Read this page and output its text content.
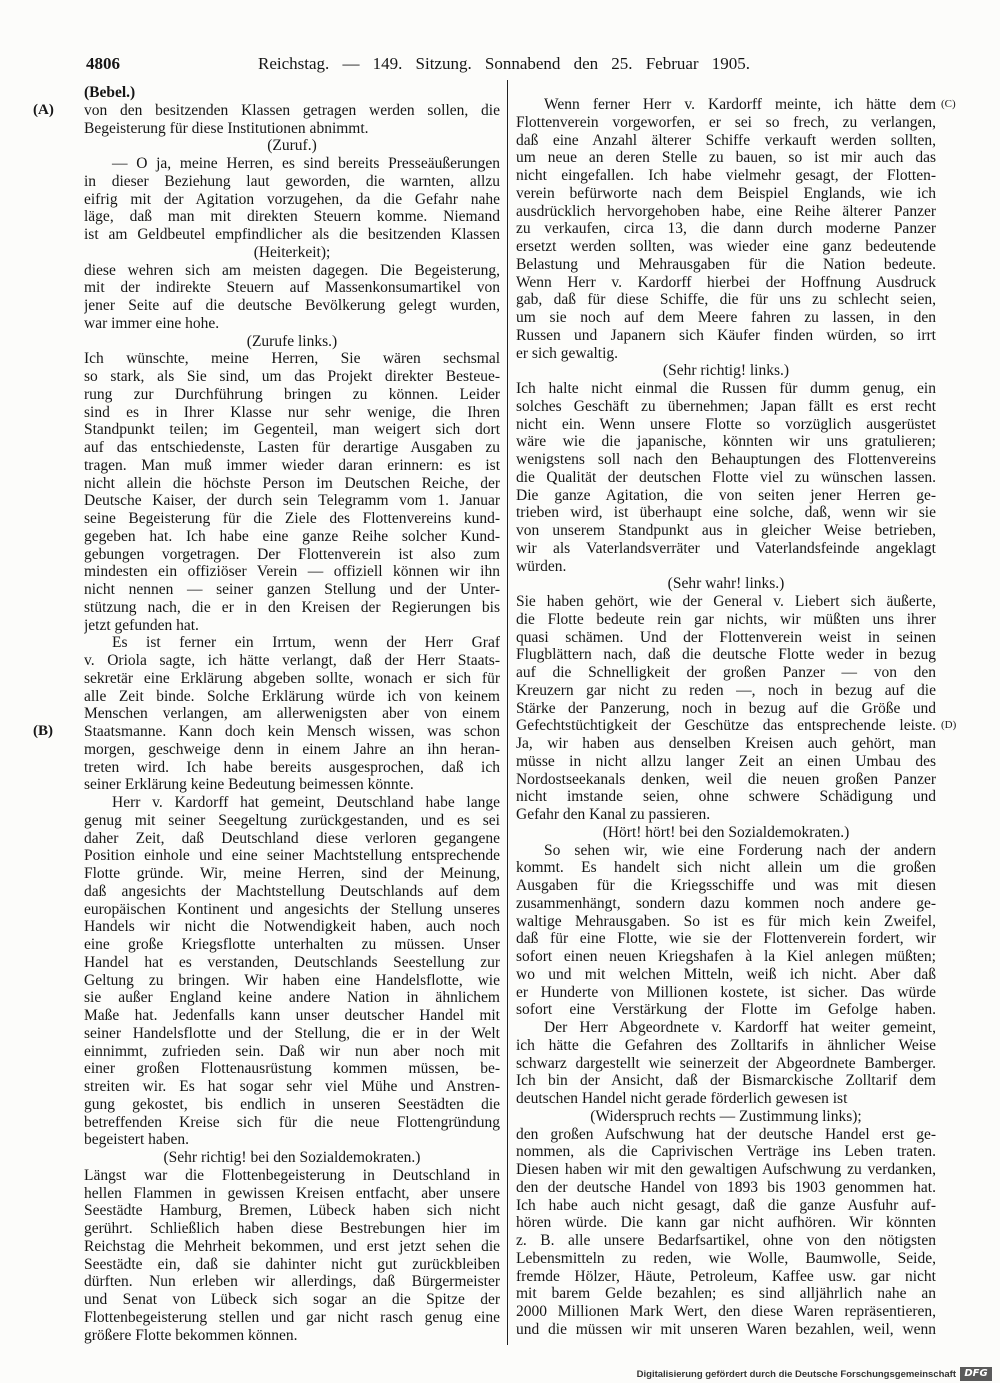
4806	Reichstag. — 149. Sitzung. Sonnabend den 25. Februar 1905.
(A)
(B)
(C)
(D)
(Bebel.)
von den besitzenden Klassen getragen werden sollen, die
Begeisterung für diese Institutionen abnimmt.
(Zuruf.)
— O ja, meine Herren, es sind bereits Presseäußerungen
in dieser Beziehung laut geworden, die warnten, allzu
eifrig mit der Agitation vorzugehen, da die Gefahr nahe
läge, daß man mit direkten Steuern komme. Niemand
ist am Geldbeutel empfindlicher als die besitzenden Klassen
(Heiterkeit);
diese wehren sich am meisten dagegen. Die Begeisterung,
mit der indirekte Steuern auf Massenkonsumartikel von
jener Seite auf die deutsche Bevölkerung gelegt wurden,
war immer eine hohe.
(Zurufe links.)
Ich wünschte, meine Herren, Sie wären sechsmal
so stark, als Sie sind, um das Projekt direkter Besteue-
rung zur Durchführung bringen zu können. Leider
sind es in Ihrer Klasse nur sehr wenige, die Ihren
Standpunkt teilen; im Gegenteil, man weigert sich dort
auf das entschiedenste, Lasten für derartige Ausgaben zu
tragen. Man muß immer wieder daran erinnern: es ist
nicht allein die höchste Person im Deutschen Reiche, der
Deutsche Kaiser, der durch sein Telegramm vom 1. Januar
seine Begeisterung für die Ziele des Flottenvereins kund-
gegeben hat. Ich habe eine ganze Reihe solcher Kund-
gebungen vorgetragen. Der Flottenverein ist also zum
mindesten ein offiziöser Verein — offiziell können wir ihn
nicht nennen — seiner ganzen Stellung und der Unter-
stützung nach, die er in den Kreisen der Regierungen bis
jetzt gefunden hat.
Es ist ferner ein Irrtum, wenn der Herr Graf
v. Oriola sagte, ich hätte verlangt, daß der Herr Staats-
sekretär eine Erklärung abgeben sollte, wonach er sich für
alle Zeit binde. Solche Erklärung würde ich von keinem
Menschen verlangen, am allerwenigsten aber von einem
Staatsmanne. Kann doch kein Mensch wissen, was schon
morgen, geschweige denn in einem Jahre an ihn heran-
treten wird. Ich habe bereits ausgesprochen, daß ich
seiner Erklärung keine Bedeutung beimessen könnte.
Herr v. Kardorff hat gemeint, Deutschland habe lange
genug mit seiner Seegeltung zurückgestanden, und es sei
daher Zeit, daß Deutschland diese verloren gegangene
Position einhole und eine seiner Machtstellung entsprechende
Flotte gründe. Wir, meine Herren, sind der Meinung,
daß angesichts der Machtstellung Deutschlands auf dem
europäischen Kontinent und angesichts der Stellung unseres
Handels wir nicht die Notwendigkeit haben, auch noch
eine große Kriegsflotte unterhalten zu müssen. Unser
Handel hat es verstanden, Deutschlands Seestellung zur
Geltung zu bringen. Wir haben eine Handelsflotte, wie
sie außer England keine andere Nation in ähnlichem
Maße hat. Jedenfalls kann unser deutscher Handel mit
seiner Handelsflotte und der Stellung, die er in der Welt
einnimmt, zufrieden sein. Daß wir nun aber noch mit
einer großen Flottenausrüstung kommen müssen, be-
streiten wir. Es hat sogar sehr viel Mühe und Anstren-
gung gekostet, bis endlich in unseren Seestädten die
betreffenden Kreise sich für die neue Flottengründung
begeistert haben.
(Sehr richtig! bei den Sozialdemokraten.)
Längst war die Flottenbegeisterung in Deutschland in
hellen Flammen in gewissen Kreisen entfacht, aber unsere
Seestädte Hamburg, Bremen, Lübeck haben sich nicht
gerührt. Schließlich haben diese Bestrebungen hier im
Reichstag die Mehrheit bekommen, und erst jetzt sehen die
Seestädte ein, daß sie dahinter nicht gut zurückbleiben
dürften. Nun erleben wir allerdings, daß Bürgermeister
und Senat von Lübeck sich sogar an die Spitze der
Flottenbegeisterung stellen und gar nicht rasch genug eine
größere Flotte bekommen können.
Wenn ferner Herr v. Kardorff meinte, ich hätte dem
Flottenverein vorgeworfen, er sei so frech, zu verlangen,
daß eine Anzahl älterer Schiffe verkauft werden sollten,
um neue an deren Stelle zu bauen, so ist mir auch das
nicht eingefallen. Ich habe vielmehr gesagt, der Flotten-
verein befürworte nach dem Beispiel Englands, wie ich
ausdrücklich hervorgehoben habe, eine Reihe älterer Panzer
zu verkaufen, circa 13, die dann durch moderne Panzer
ersetzt werden sollten, was wieder eine ganz bedeutende
Belastung und Mehrausgaben für die Nation bedeute.
Wenn Herr v. Kardorff hierbei der Hoffnung Ausdruck
gab, daß für diese Schiffe, die für uns zu schlecht seien,
um sie noch auf dem Meere fahren zu lassen, in den
Russen und Japanern sich Käufer finden würden, so irrt
er sich gewaltig.
(Sehr richtig! links.)
Ich halte nicht einmal die Russen für dumm genug, ein
solches Geschäft zu übernehmen; Japan fällt es erst recht
nicht ein. Wenn unsere Flotte so vorzüglich ausgerüstet
wäre wie die japanische, könnten wir uns gratulieren;
wenigstens soll nach den Behauptungen des Flottenvereins
die Qualität der deutschen Flotte viel zu wünschen lassen.
Die ganze Agitation, die von seiten jener Herren ge-
trieben wird, ist überhaupt eine solche, daß, wenn wir sie
von unserem Standpunkt aus in gleicher Weise betrieben,
wir als Vaterlandsverräter und Vaterlandsfeinde angeklagt
würden.
(Sehr wahr! links.)
Sie haben gehört, wie der General v. Liebert sich äußerte,
die Flotte bedeute rein gar nichts, wir müßten uns ihrer
quasi schämen. Und der Flottenverein weist in seinen
Flugblättern nach, daß die deutsche Flotte weder in bezug
auf die Schnelligkeit der großen Panzer — von den
Kreuzern gar nicht zu reden —, noch in bezug auf die
Stärke der Panzerung, noch in bezug auf die Größe und
Gefechtstüchtigkeit der Geschütze das entsprechende leiste.
Ja, wir haben aus denselben Kreisen auch gehört, man
müsse in nicht allzu langer Zeit an einen Umbau des
Nordostseekanals denken, weil die neuen großen Panzer
nicht imstande seien, ohne schwere Schädigung und
Gefahr den Kanal zu passieren.
(Hört! hört! bei den Sozialdemokraten.)
So sehen wir, wie eine Forderung nach der andern
kommt. Es handelt sich nicht allein um die großen
Ausgaben für die Kriegsschiffe und was mit diesen
zusammenhängt, sondern dazu kommen noch andere ge-
waltige Mehrausgaben. So ist es für mich kein Zweifel,
daß für eine Flotte, wie sie der Flottenverein fordert, wir
sofort einen neuen Kriegshafen à la Kiel anlegen müßten;
wo und mit welchen Mitteln, weiß ich nicht. Aber daß
er Hunderte von Millionen kostete, ist sicher. Das würde
sofort eine Verstärkung der Flotte im Gefolge haben.
Der Herr Abgeordnete v. Kardorff hat weiter gemeint,
ich hätte die Gefahren des Zolltarifs in ähnlicher Weise
schwarz dargestellt wie seinerzeit der Abgeordnete Bamberger.
Ich bin der Ansicht, daß der Bismarckische Zolltarif dem
deutschen Handel nicht gerade förderlich gewesen ist
(Widerspruch rechts — Zustimmung links);
den großen Aufschwung hat der deutsche Handel erst ge-
nommen, als die Caprivischen Verträge ins Leben traten.
Diesen haben wir mit den gewaltigen Aufschwung zu verdanken,
den der deutsche Handel von 1893 bis 1903 genommen hat.
Ich habe auch nicht gesagt, daß die ganze Ausfuhr auf-
hören würde. Die kann gar nicht aufhören. Wir könnten
z. B. alle unsere Bedarfsartikel, ohne von den nötigsten
Lebensmitteln zu reden, wie Wolle, Baumwolle, Seide,
fremde Hölzer, Häute, Petroleum, Kaffee usw. gar nicht
mit barem Gelde bezahlen; es sind alljährlich nahe an
2000 Millionen Mark Wert, den diese Waren repräsentieren,
und die müssen wir mit unseren Waren bezahlen, weil, wenn
Digitalisierung gefördert durch die Deutsche Forschungsgemeinschaft DFG
